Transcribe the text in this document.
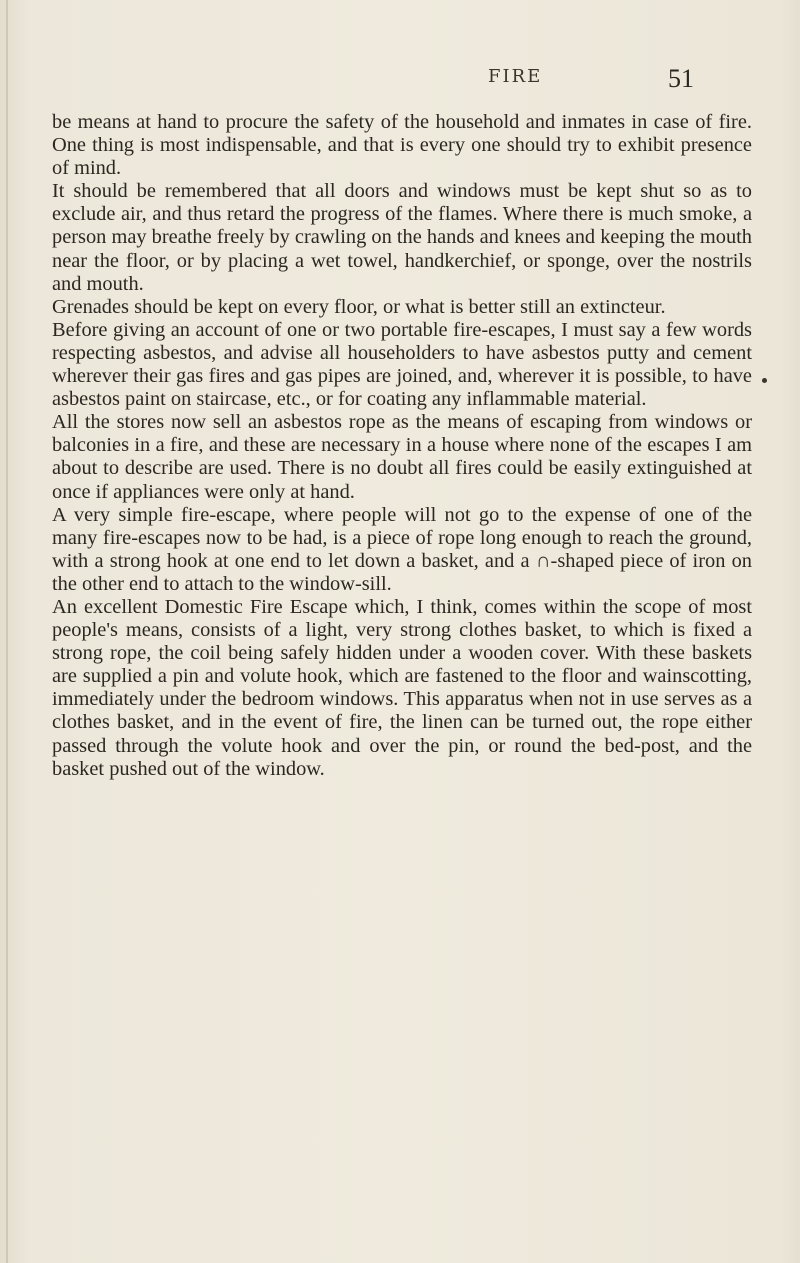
FIRE	51

be means at hand to procure the safety of the household and inmates in case of fire. One thing is most indispensable, and that is every one should try to exhibit presence of mind.

It should be remembered that all doors and windows must be kept shut so as to exclude air, and thus retard the progress of the flames. Where there is much smoke, a person may breathe freely by crawling on the hands and knees and keeping the mouth near the floor, or by placing a wet towel, handkerchief, or sponge, over the nostrils and mouth.

Grenades should be kept on every floor, or what is better still an extincteur.

Before giving an account of one or two portable fire-escapes, I must say a few words respecting asbestos, and advise all householders to have asbestos putty and cement wherever their gas fires and gas pipes are joined, and, wherever it is possible, to have asbestos paint on staircase, etc., or for coating any inflammable material.

All the stores now sell an asbestos rope as the means of escaping from windows or balconies in a fire, and these are necessary in a house where none of the escapes I am about to describe are used. There is no doubt all fires could be easily extinguished at once if appliances were only at hand.

A very simple fire-escape, where people will not go to the expense of one of the many fire-escapes now to be had, is a piece of rope long enough to reach the ground, with a strong hook at one end to let down a basket, and a ∩-shaped piece of iron on the other end to attach to the window-sill.

An excellent Domestic Fire Escape which, I think, comes within the scope of most people's means, consists of a light, very strong clothes basket, to which is fixed a strong rope, the coil being safely hidden under a wooden cover. With these baskets are supplied a pin and volute hook, which are fastened to the floor and wainscotting, immediately under the bedroom windows. This apparatus when not in use serves as a clothes basket, and in the event of fire, the linen can be turned out, the rope either passed through the volute hook and over the pin, or round the bed-post, and the basket pushed out of the window.
